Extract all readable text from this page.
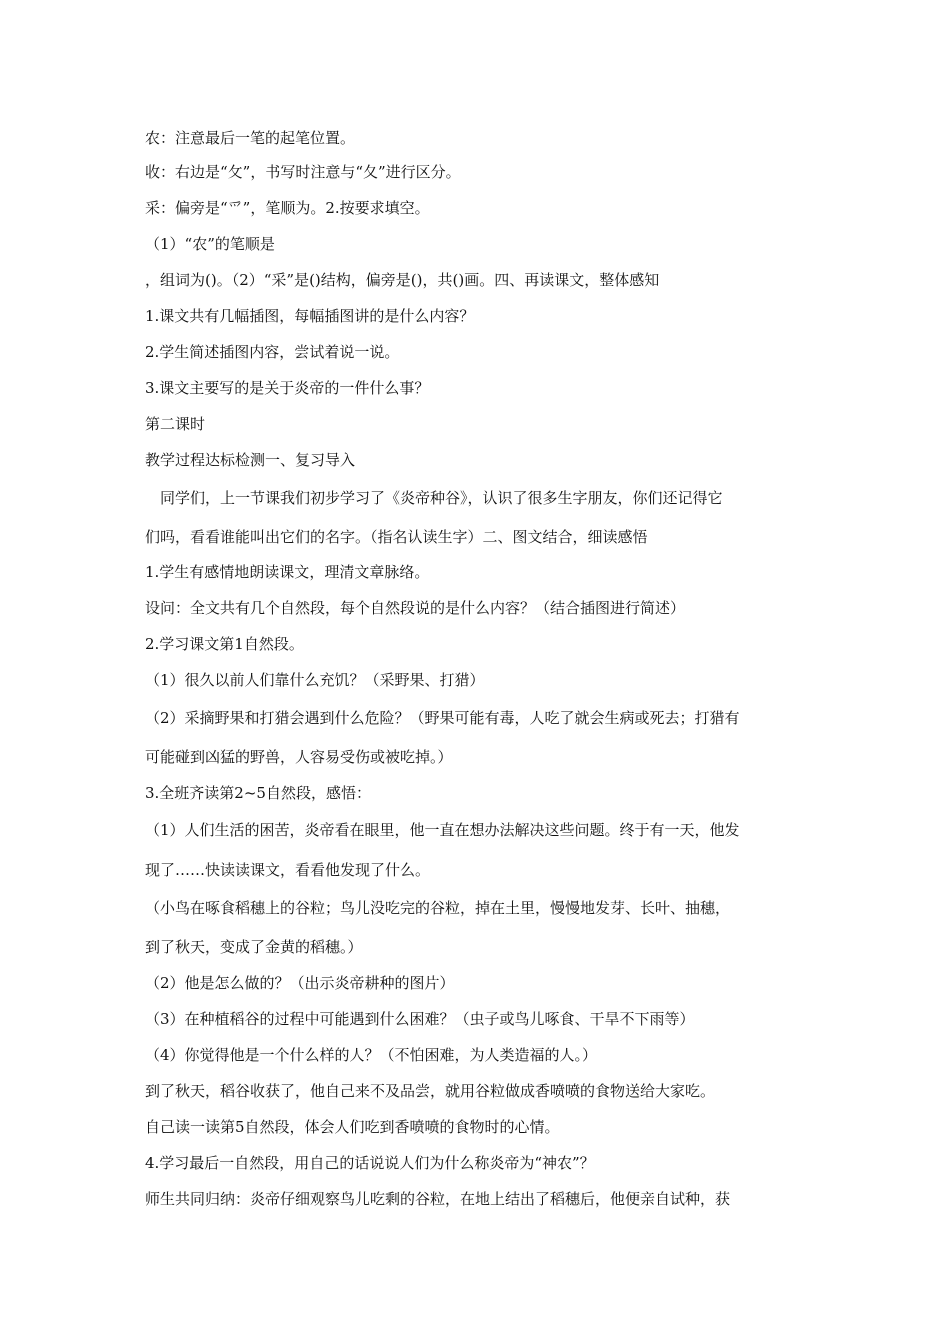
农：注意最后一笔的起笔位置。
收：右边是“攵”，书写时注意与“夂”进行区分。
采：偏旁是“爫”，笔顺为。2.按要求填空。
（1）“农”的笔顺是
，组词为()。（2）“采”是()结构，偏旁是()，共()画。四、再读课文，整体感知
1.课文共有几幅插图，每幅插图讲的是什么内容？
2.学生简述插图内容，尝试着说一说。
3.课文主要写的是关于炎帝的一件什么事？
第二课时
教学过程达标检测一、复习导入
　同学们，上一节课我们初步学习了《炎帝种谷》，认识了很多生字朋友，你们还记得它
们吗，看看谁能叫出它们的名字。（指名认读生字）二、图文结合，细读感悟
1.学生有感情地朗读课文，理清文章脉络。
设问：全文共有几个自然段，每个自然段说的是什么内容？（结合插图进行简述）
2.学习课文第1自然段。
（1）很久以前人们靠什么充饥？（采野果、打猎）
（2）采摘野果和打猎会遇到什么危险？（野果可能有毒，人吃了就会生病或死去；打猎有
可能碰到凶猛的野兽，人容易受伤或被吃掉。）
3.全班齐读第2~5自然段，感悟：
（1）人们生活的困苦，炎帝看在眼里，他一直在想办法解决这些问题。终于有一天，他发
现了……快读读课文，看看他发现了什么。
（小鸟在啄食稻穗上的谷粒；鸟儿没吃完的谷粒，掉在土里，慢慢地发芽、长叶、抽穗，
到了秋天，变成了金黄的稻穗。）
（2）他是怎么做的？（出示炎帝耕种的图片）
（3）在种植稻谷的过程中可能遇到什么困难？（虫子或鸟儿啄食、干旱不下雨等）
（4）你觉得他是一个什么样的人？（不怕困难，为人类造福的人。）
到了秋天，稻谷收获了，他自己来不及品尝，就用谷粒做成香喷喷的食物送给大家吃。
自己读一读第5自然段，体会人们吃到香喷喷的食物时的心情。
4.学习最后一自然段，用自己的话说说人们为什么称炎帝为“神农”？
师生共同归纳：炎帝仔细观察鸟儿吃剩的谷粒，在地上结出了稻穗后，他便亲自试种，获
